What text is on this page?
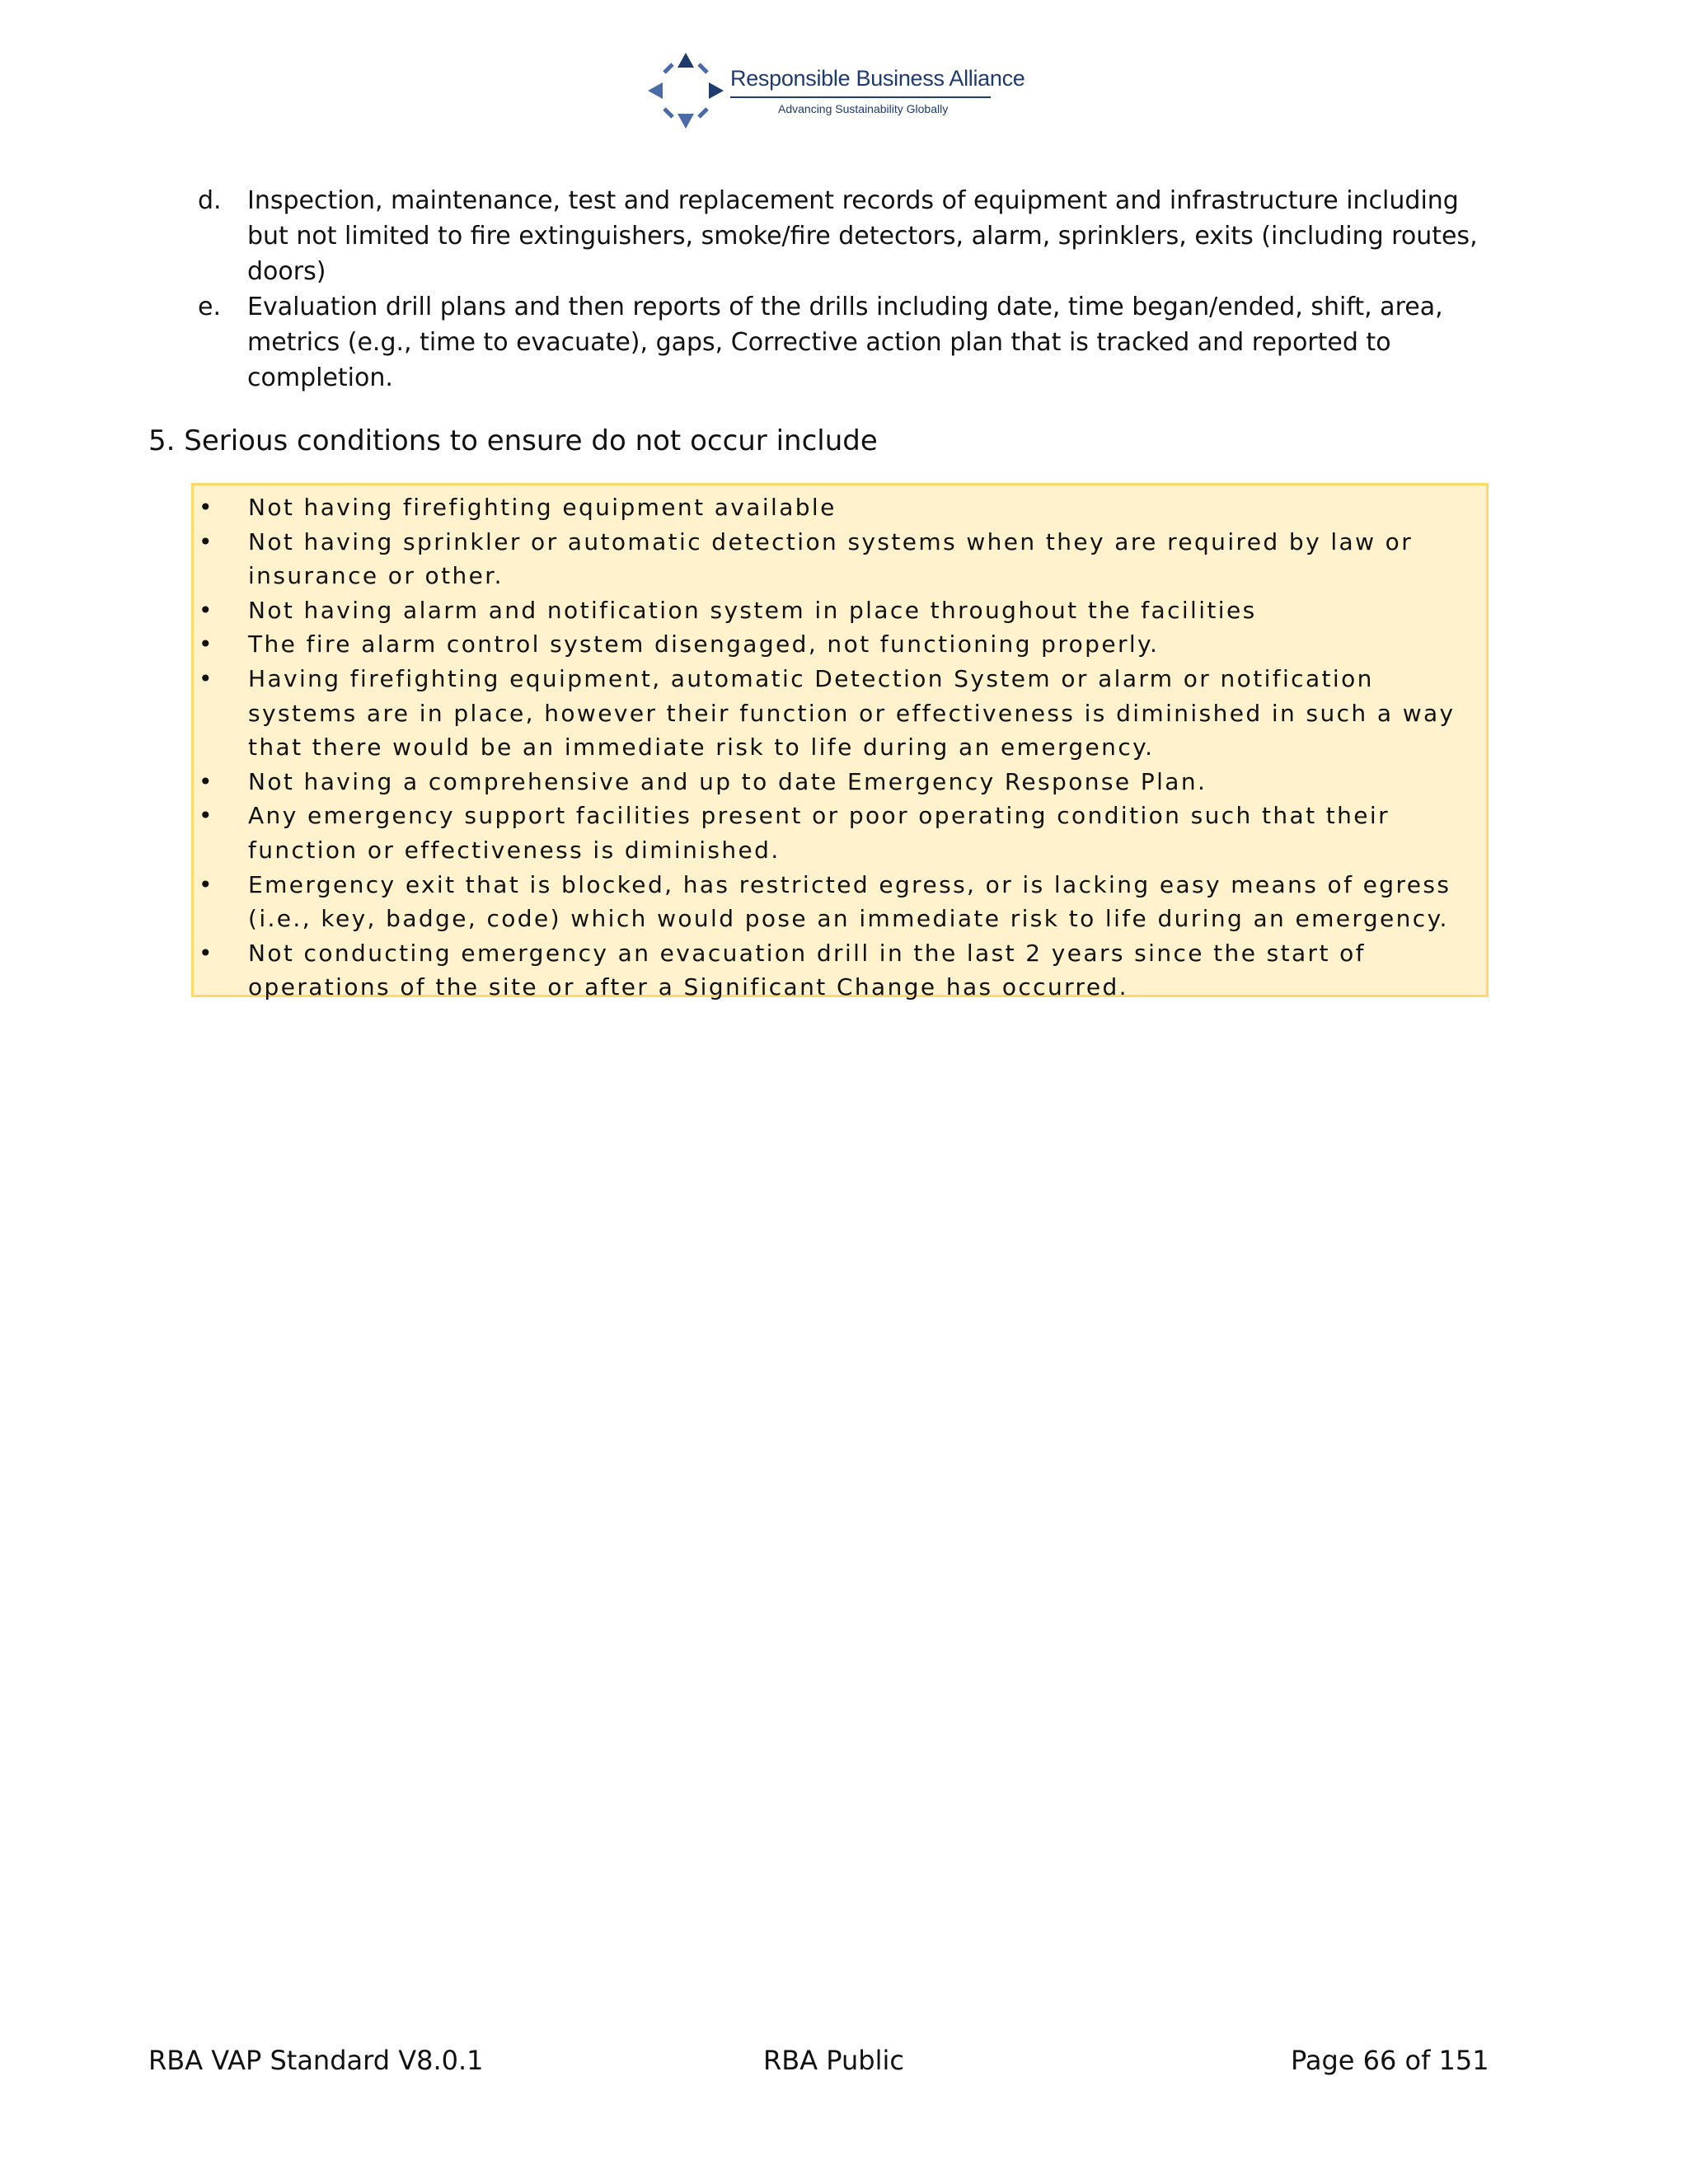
Responsible Business Alliance
Advancing Sustainability Globally
d. Inspection, maintenance, test and replacement records of equipment and infrastructure including but not limited to fire extinguishers, smoke/fire detectors, alarm, sprinklers, exits (including routes, doors)
e. Evaluation drill plans and then reports of the drills including date, time began/ended, shift, area, metrics (e.g., time to evacuate), gaps, Corrective action plan that is tracked and reported to completion.
5. Serious conditions to ensure do not occur include
• Not having firefighting equipment available
• Not having sprinkler or automatic detection systems when they are required by law or insurance or other.
• Not having alarm and notification system in place throughout the facilities
• The fire alarm control system disengaged, not functioning properly.
• Having firefighting equipment, automatic Detection System or alarm or notification systems are in place, however their function or effectiveness is diminished in such a way that there would be an immediate risk to life during an emergency.
• Not having a comprehensive and up to date Emergency Response Plan.
• Any emergency support facilities present or poor operating condition such that their function or effectiveness is diminished.
• Emergency exit that is blocked, has restricted egress, or is lacking easy means of egress (i.e., key, badge, code) which would pose an immediate risk to life during an emergency.
• Not conducting emergency an evacuation drill in the last 2 years since the start of operations of the site or after a Significant Change has occurred.
RBA VAP Standard V8.0.1	RBA Public	Page 66 of 151
